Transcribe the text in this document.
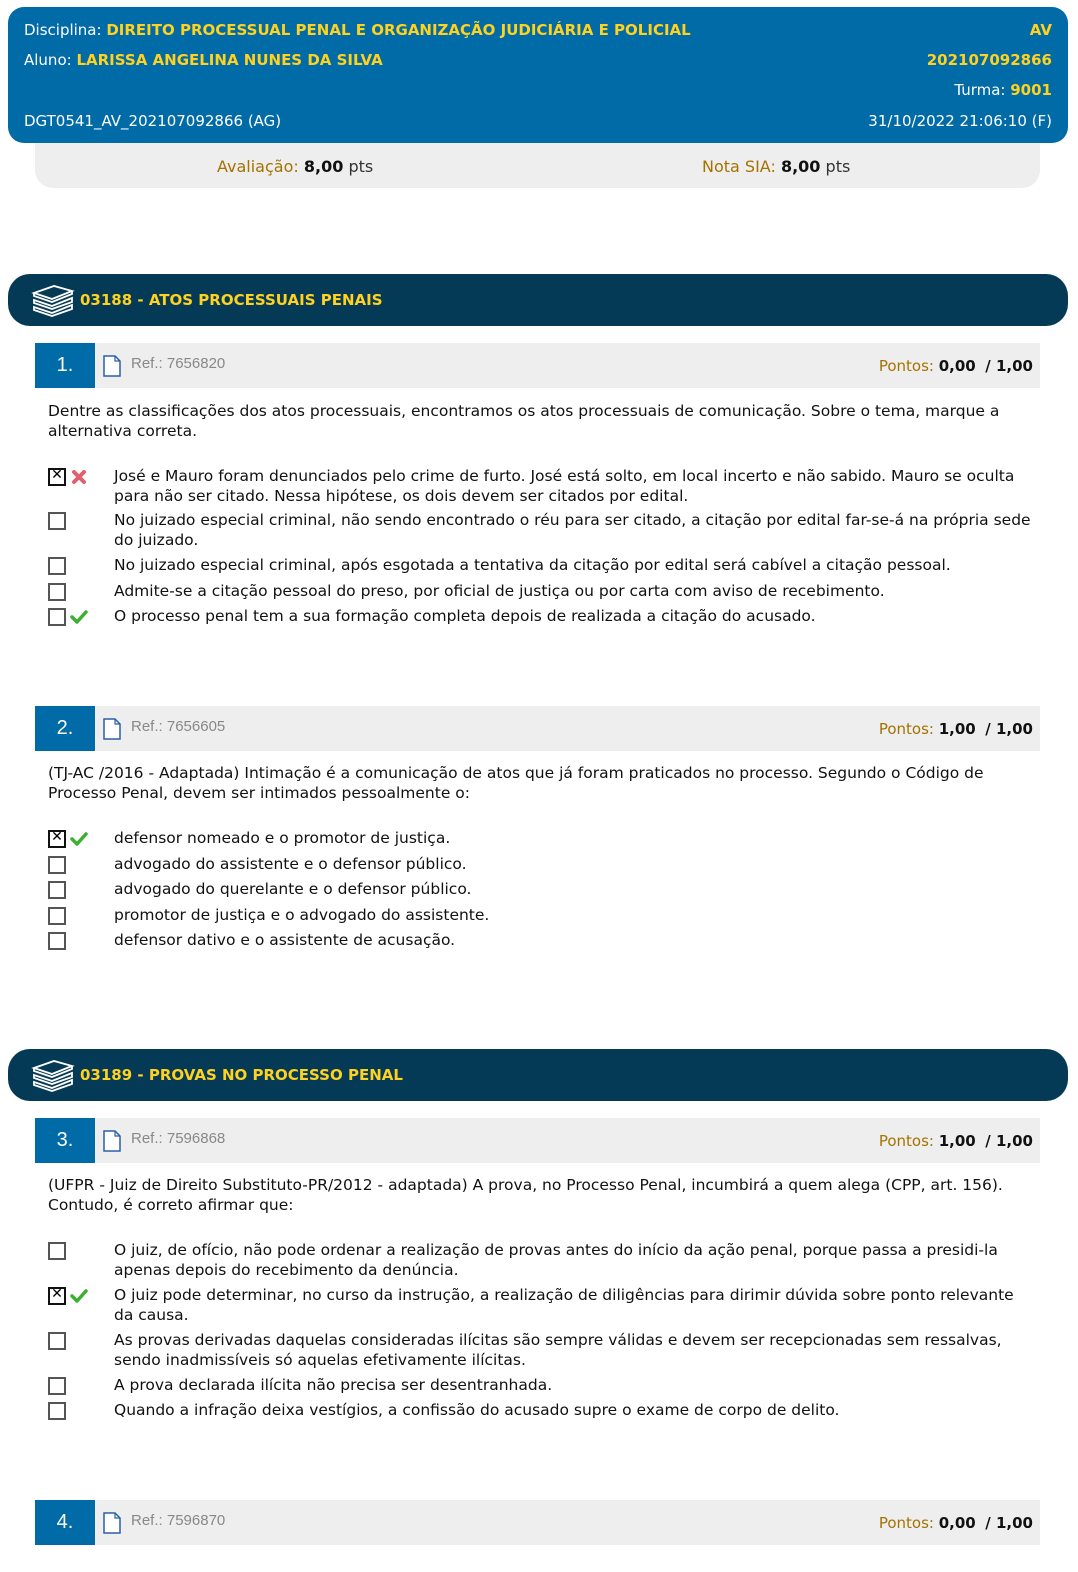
Disciplina: DIREITO PROCESSUAL PENAL E ORGANIZAÇÃO JUDICIÁRIA E POLICIAL	AV
Aluno: LARISSA ANGELINA NUNES DA SILVA	202107092866
Turma: 9001
DGT0541_AV_202107092866 (AG)	31/10/2022 21:06:10 (F)
Avaliação: 8,00 pts	Nota SIA: 8,00 pts
03188 - ATOS PROCESSUAIS PENAIS
1.	Ref.: 7656820	Pontos: 0,00 / 1,00
Dentre as classificações dos atos processuais, encontramos os atos processuais de comunicação. Sobre o tema, marque a alternativa correta.
✕
José e Mauro foram denunciados pelo crime de furto. José está solto, em local incerto e não sabido. Mauro se oculta para não ser citado. Nessa hipótese, os dois devem ser citados por edital.
No juizado especial criminal, não sendo encontrado o réu para ser citado, a citação por edital far-se-á na própria sede do juizado.
No juizado especial criminal, após esgotada a tentativa da citação por edital será cabível a citação pessoal.
Admite-se a citação pessoal do preso, por oficial de justiça ou por carta com aviso de recebimento.
O processo penal tem a sua formação completa depois de realizada a citação do acusado.
2.	Ref.: 7656605	Pontos: 1,00 / 1,00
(TJ-AC /2016 - Adaptada) Intimação é a comunicação de atos que já foram praticados no processo. Segundo o Código de Processo Penal, devem ser intimados pessoalmente o:
✕
defensor nomeado e o promotor de justiça.
advogado do assistente e o defensor público.
advogado do querelante e o defensor público.
promotor de justiça e o advogado do assistente.
defensor dativo e o assistente de acusação.
03189 - PROVAS NO PROCESSO PENAL
3.	Ref.: 7596868	Pontos: 1,00 / 1,00
(UFPR - Juiz de Direito Substituto-PR/2012 - adaptada) A prova, no Processo Penal, incumbirá a quem alega (CPP, art. 156). Contudo, é correto afirmar que:
O juiz, de ofício, não pode ordenar a realização de provas antes do início da ação penal, porque passa a presidi-la apenas depois do recebimento da denúncia.
✕
O juiz pode determinar, no curso da instrução, a realização de diligências para dirimir dúvida sobre ponto relevante da causa.
As provas derivadas daquelas consideradas ilícitas são sempre válidas e devem ser recepcionadas sem ressalvas, sendo inadmissíveis só aquelas efetivamente ilícitas.
A prova declarada ilícita não precisa ser desentranhada.
Quando a infração deixa vestígios, a confissão do acusado supre o exame de corpo de delito.
4.	Ref.: 7596870	Pontos: 0,00 / 1,00
